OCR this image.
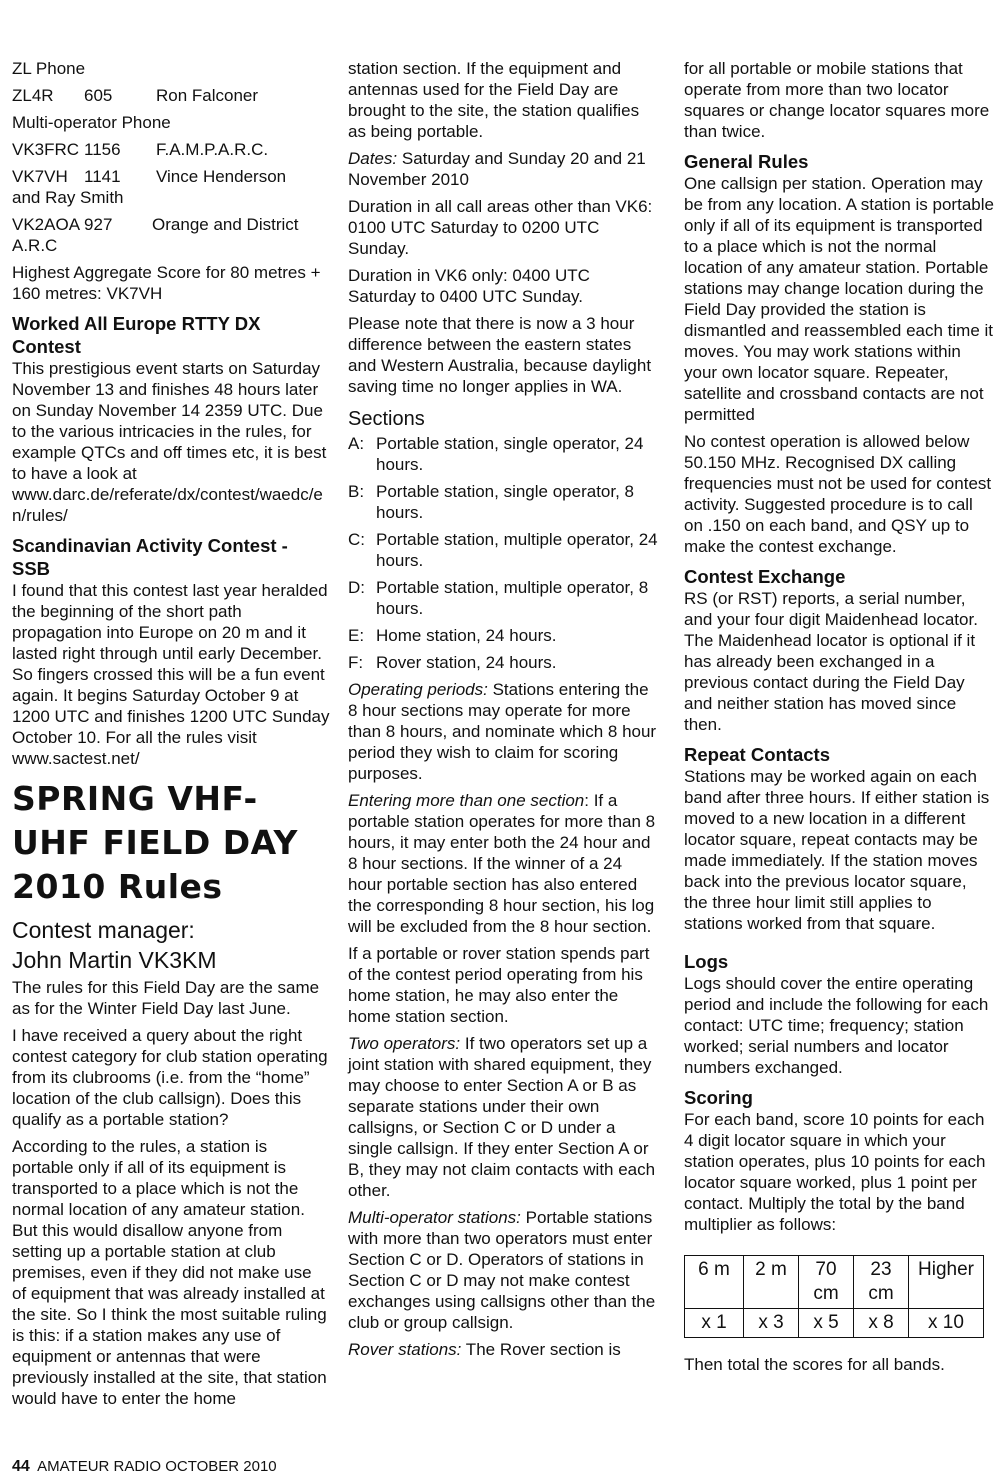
ZL Phone

ZL4R	605	Ron Falconer

Multi-operator Phone

VK3FRC 1156	F.A.M.P.A.R.C.
VK7VH 1141	Vince Henderson
and Ray Smith
VK2AOA 927	Orange and District
A.R.C

Highest Aggregate Score for 80 metres + 160 metres: VK7VH

Worked All Europe RTTY DX Contest

This prestigious event starts on Saturday November 13 and finishes 48 hours later on Sunday November 14 2359 UTC. Due to the various intricacies in the rules, for example QTCs and off times etc, it is best to have a look at www.darc.de/referate/dx/contest/waedc/en/rules/

Scandinavian Activity Contest - SSB

I found that this contest last year heralded the beginning of the short path propagation into Europe on 20 m and it lasted right through until early December. So fingers crossed this will be a fun event again. It begins Saturday October 9 at 1200 UTC and finishes 1200 UTC Sunday October 10. For all the rules visit www.sactest.net/

SPRING VHF-UHF FIELD DAY 2010 Rules
Contest manager:
John Martin VK3KM

The rules for this Field Day are the same as for the Winter Field Day last June.

I have received a query about the right contest category for club station operating from its clubrooms (i.e. from the “home” location of the club callsign). Does this qualify as a portable station?

According to the rules, a station is portable only if all of its equipment is transported to a place which is not the normal location of any amateur station. But this would disallow anyone from setting up a portable station at club premises, even if they did not make use of equipment that was already installed at the site. So I think the most suitable ruling is this: if a station makes any use of equipment or antennas that were previously installed at the site, that station would have to enter the home

station section. If the equipment and antennas used for the Field Day are brought to the site, the station qualifies as being portable.

Dates: Saturday and Sunday 20 and 21 November 2010

Duration in all call areas other than VK6: 0100 UTC Saturday to 0200 UTC Sunday.

Duration in VK6 only: 0400 UTC Saturday to 0400 UTC Sunday.

Please note that there is now a 3 hour difference between the eastern states and Western Australia, because daylight saving time no longer applies in WA.

Sections
A: Portable station, single operator, 24 hours.
B: Portable station, single operator, 8 hours.
C: Portable station, multiple operator, 24 hours.
D: Portable station, multiple operator, 8 hours.
E: Home station, 24 hours.
F: Rover station, 24 hours.

Operating periods: Stations entering the 8 hour sections may operate for more than 8 hours, and nominate which 8 hour period they wish to claim for scoring purposes.

Entering more than one section: If a portable station operates for more than 8 hours, it may enter both the 24 hour and 8 hour sections. If the winner of a 24 hour portable section has also entered the corresponding 8 hour section, his log will be excluded from the 8 hour section.

If a portable or rover station spends part of the contest period operating from his home station, he may also enter the home station section.

Two operators: If two operators set up a joint station with shared equipment, they may choose to enter Section A or B as separate stations under their own callsigns, or Section C or D under a single callsign. If they enter Section A or B, they may not claim contacts with each other.

Multi-operator stations: Portable stations with more than two operators must enter Section C or D. Operators of stations in Section C or D may not make contest exchanges using callsigns other than the club or group callsign.

Rover stations: The Rover section is

for all portable or mobile stations that operate from more than two locator squares or change locator squares more than twice.

General Rules

One callsign per station. Operation may be from any location. A station is portable only if all of its equipment is transported to a place which is not the normal location of any amateur station. Portable stations may change location during the Field Day provided the station is dismantled and reassembled each time it moves. You may work stations within your own locator square. Repeater, satellite and crossband contacts are not permitted

No contest operation is allowed below 50.150 MHz. Recognised DX calling frequencies must not be used for contest activity. Suggested procedure is to call on .150 on each band, and QSY up to make the contest exchange.

Contest Exchange

RS (or RST) reports, a serial number, and your four digit Maidenhead locator. The Maidenhead locator is optional if it has already been exchanged in a previous contact during the Field Day and neither station has moved since then.

Repeat Contacts

Stations may be worked again on each band after three hours. If either station is moved to a new location in a different locator square, repeat contacts may be made immediately. If the station moves back into the previous locator square, the three hour limit still applies to stations worked from that square.

Logs

Logs should cover the entire operating period and include the following for each contact: UTC time; frequency; station worked; serial numbers and locator numbers exchanged.

Scoring

For each band, score 10 points for each 4 digit locator square in which your station operates, plus 10 points for each locator square worked, plus 1 point per contact. Multiply the total by the band multiplier as follows:

6 m	2 m	70 cm	23 cm	Higher
x 1	x 3	x 5	x 8	x 10

Then total the scores for all bands.

44 AMATEUR RADIO OCTOBER 2010
